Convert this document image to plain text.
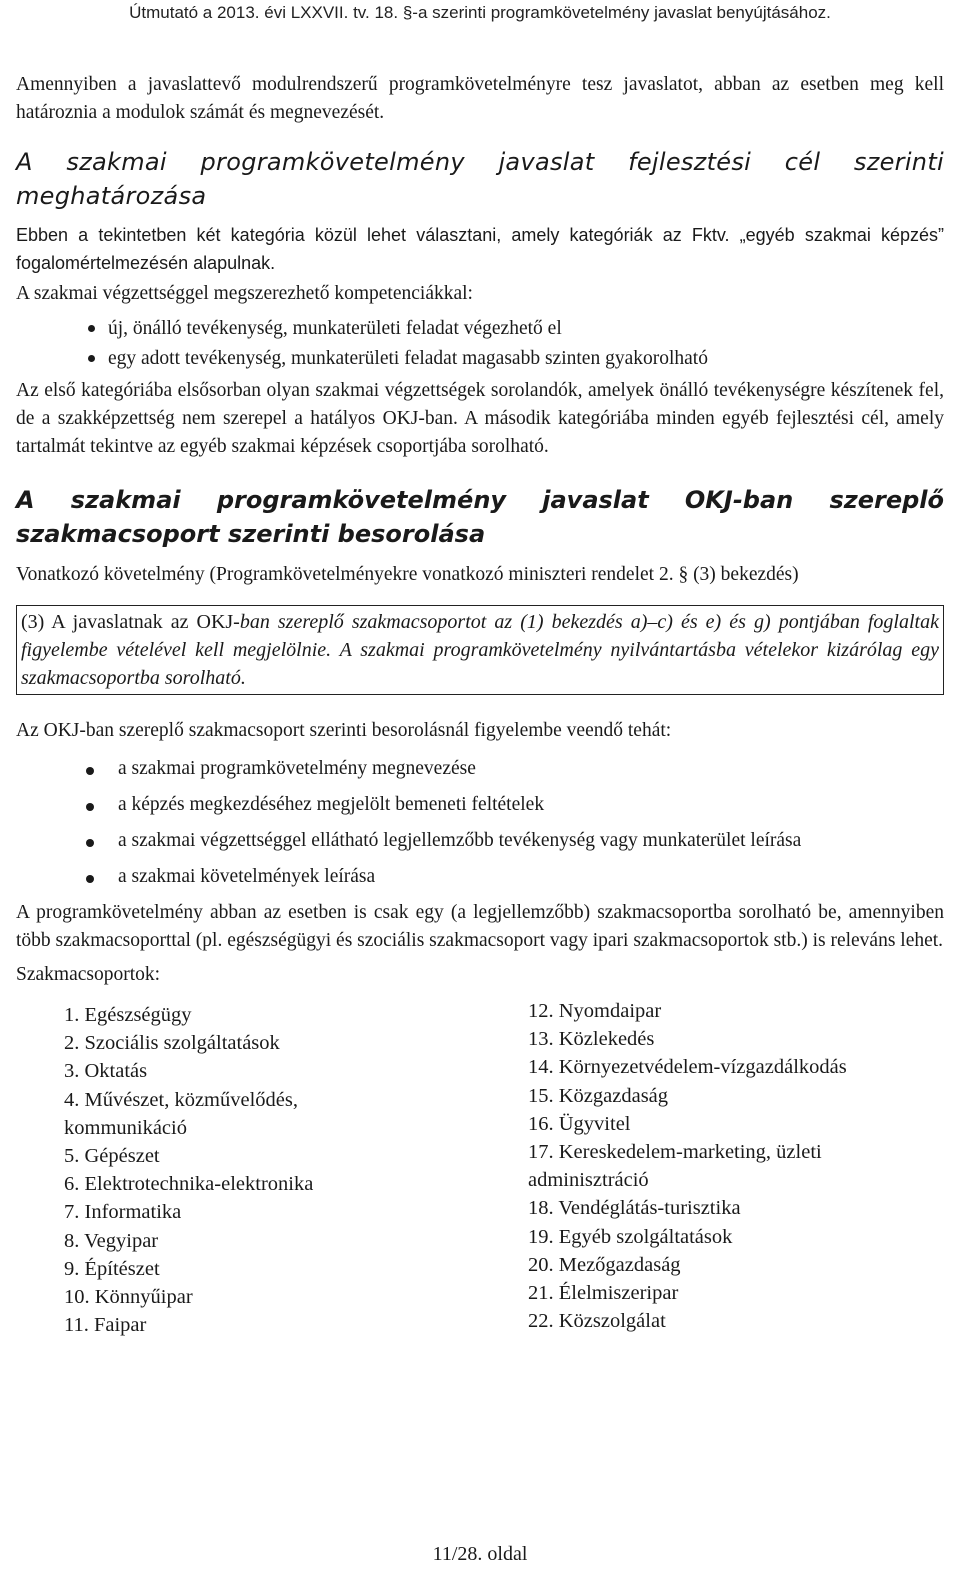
Útmutató a 2013. évi LXXVII. tv. 18. §-a szerinti programkövetelmény javaslat benyújtásához.

Amennyiben a javaslattevő modulrendszerű programkövetelményre tesz javaslatot, abban az esetben meg kell határoznia a modulok számát és megnevezését.

A szakmai programkövetelmény javaslat fejlesztési cél szerinti meghatározása

Ebben a tekintetben két kategória közül lehet választani, amely kategóriák az Fktv. „egyéb szakmai képzés” fogalomértelmezésén alapulnak.

A szakmai végzettséggel megszerezhető kompetenciákkal:

új, önálló tevékenység, munkaterületi feladat végezhető el
egy adott tevékenység, munkaterületi feladat magasabb szinten gyakorolható

Az első kategóriába elsősorban olyan szakmai végzettségek sorolandók, amelyek önálló tevékenységre készítenek fel, de a szakképzettség nem szerepel a hatályos OKJ-ban. A második kategóriába minden egyéb fejlesztési cél, amely tartalmát tekintve az egyéb szakmai képzések csoportjába sorolható.

A szakmai programkövetelmény javaslat OKJ-ban szereplő szakmacsoport szerinti besorolása

Vonatkozó követelmény (Programkövetelményekre vonatkozó miniszteri rendelet 2. § (3) bekezdés)

(3) A javaslatnak az OKJ-ban szereplő szakmacsoportot az (1) bekezdés a)–c) és e) és g) pontjában foglaltak figyelembe vételével kell megjelölnie. A szakmai programkövetelmény nyilvántartásba vételekor kizárólag egy szakmacsoportba sorolható.

Az OKJ-ban szereplő szakmacsoport szerinti besorolásnál figyelembe veendő tehát:

a szakmai programkövetelmény megnevezése
a képzés megkezdéséhez megjelölt bemeneti feltételek
a szakmai végzettséggel ellátható legjellemzőbb tevékenység vagy munkaterület leírása
a szakmai követelmények leírása

A programkövetelmény abban az esetben is csak egy (a legjellemzőbb) szakmacsoportba sorolható be, amennyiben több szakmacsoporttal (pl. egészségügyi és szociális szakmacsoport vagy ipari szakmacsoportok stb.) is releváns lehet.

Szakmacsoportok:

1. Egészségügy
2. Szociális szolgáltatások
3. Oktatás
4. Művészet, közművelődés, kommunikáció
5. Gépészet
6. Elektrotechnika-elektronika
7. Informatika
8. Vegyipar
9. Építészet
10. Könnyűipar
11. Faipar
12. Nyomdaipar
13. Közlekedés
14. Környezetvédelem-vízgazdálkodás
15. Közgazdaság
16. Ügyvitel
17. Kereskedelem-marketing, üzleti adminisztráció
18. Vendéglátás-turisztika
19. Egyéb szolgáltatások
20. Mezőgazdaság
21. Élelmiszeripar
22. Közszolgálat
11/28. oldal
